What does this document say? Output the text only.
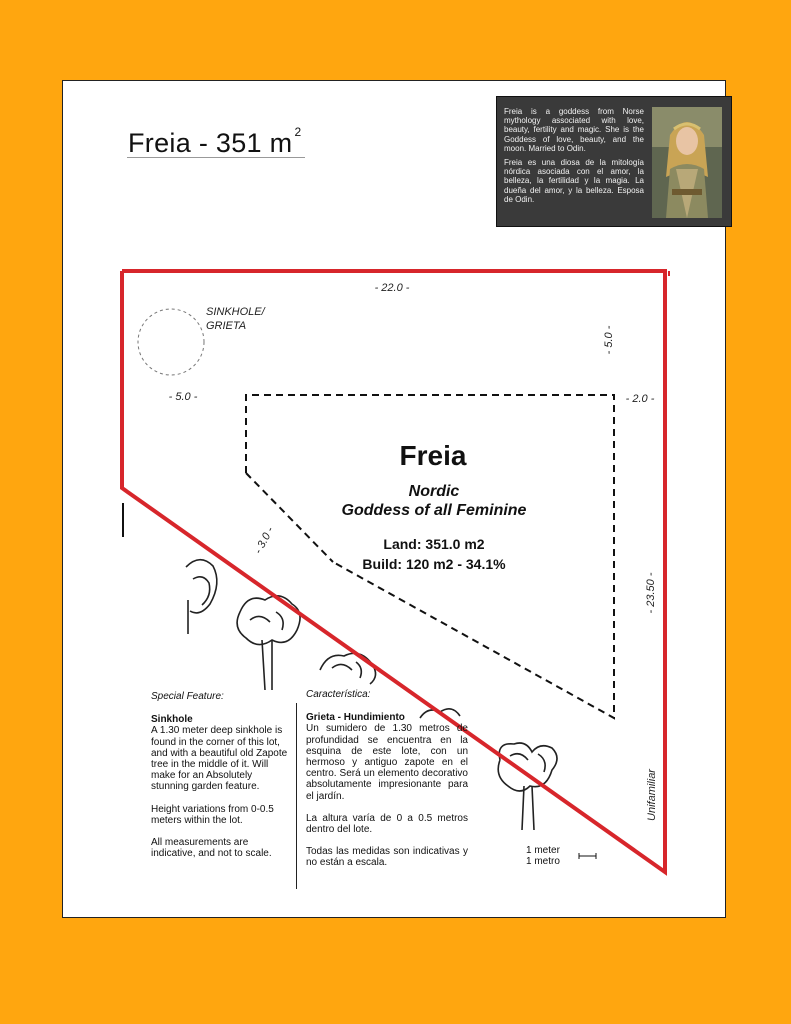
Freia - 351 m $^2$

Freia is a goddess from Norse mythology associated with love, beauty, fertility and magic. She is the Goddess of love, beauty, and the moon. Married to Odin.

Freia es una diosa de la mitología nórdica asociada con el amor, la belleza, la fertilidad y la magia. La dueña del amor, y la belleza. Esposa de Odin.

SINKHOLE/
GRIETA
- 22.0 -
- 5.0 -	- 2.0 -
- 5.0 -
- 23.50 -
- 3.0 -
Unifamiliar
Freia
Nordic
Goddess of all Feminine
Land: 351.0 m2
Build: 120 m2 - 34.1%
Special Feature:
Sinkhole

A 1.30 meter deep sinkhole is found in the corner of this lot, and with a beautiful old Zapote tree in the middle of it. Will make for an Absolutely stunning garden feature.

Height variations from 0-0.5 meters within the lot.

All measurements are indicative, and not to scale.

Característica:
Grieta - Hundimiento

Un sumidero de 1.30 metros de profundidad se encuentra en la esquina de este lote, con un hermoso y antiguo zapote en el centro. Será un elemento decorativo absolutamente impresionante para el jardín.

La altura varía de 0 a 0.5 metros dentro del lote.

Todas las medidas son indicativas y no están a escala.

1 meter
1 metro
